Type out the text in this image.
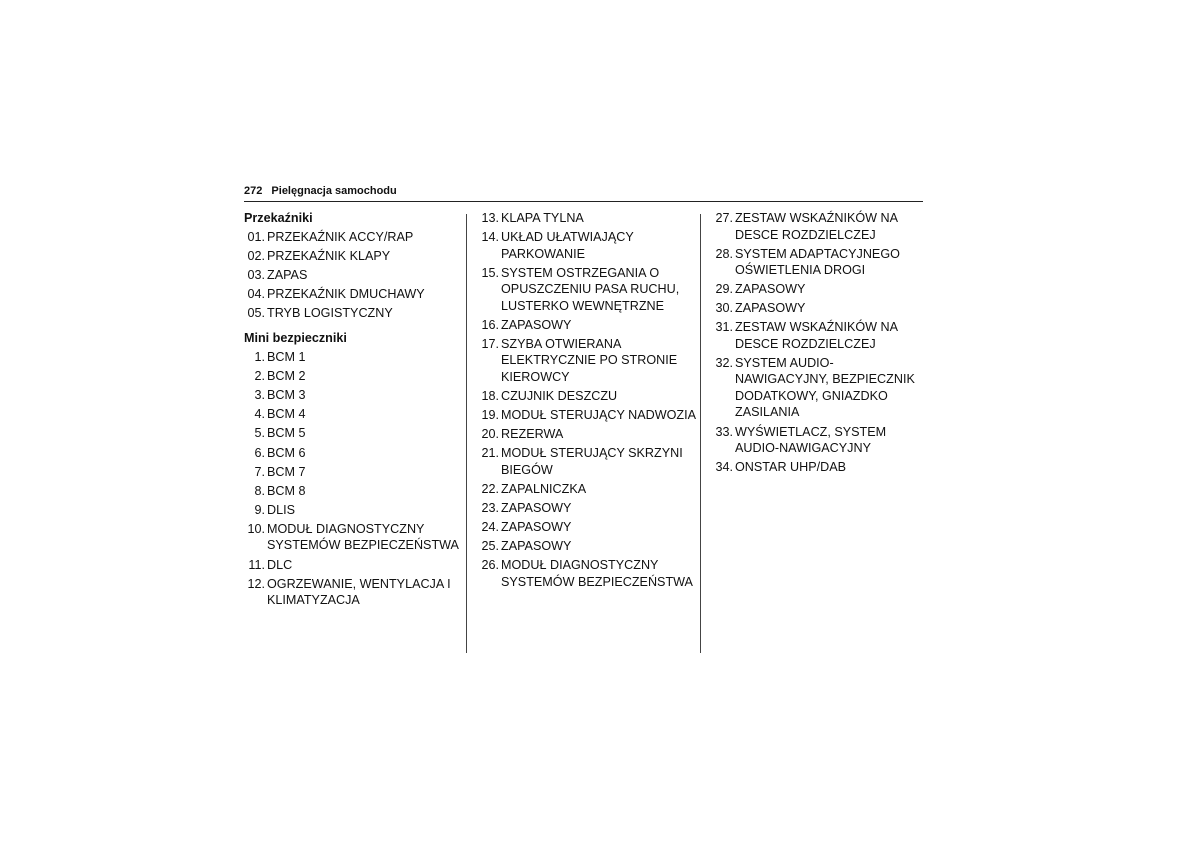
272 Pielęgnacja samochodu
Przekaźniki
01. PRZEKAŹNIK ACCY/RAP
02. PRZEKAŹNIK KLAPY
03. ZAPAS
04. PRZEKAŹNIK DMUCHAWY
05. TRYB LOGISTYCZNY
Mini bezpieczniki
1. BCM 1
2. BCM 2
3. BCM 3
4. BCM 4
5. BCM 5
6. BCM 6
7. BCM 7
8. BCM 8
9. DLIS
10. MODUŁ DIAGNOSTYCZNY SYSTEMÓW BEZPIECZEŃSTWA
11. DLC
12. OGRZEWANIE, WENTYLACJA I KLIMATYZACJA
13. KLAPA TYLNA
14. UKŁAD UŁATWIAJĄCY PARKOWANIE
15. SYSTEM OSTRZEGANIA O OPUSZCZENIU PASA RUCHU, LUSTERKO WEWNĘTRZNE
16. ZAPASOWY
17. SZYBA OTWIERANA ELEKTRYCZNIE PO STRONIE KIEROWCY
18. CZUJNIK DESZCZU
19. MODUŁ STERUJĄCY NADWOZIA
20. REZERWA
21. MODUŁ STERUJĄCY SKRZYNI BIEGÓW
22. ZAPALNICZKA
23. ZAPASOWY
24. ZAPASOWY
25. ZAPASOWY
26. MODUŁ DIAGNOSTYCZNY SYSTEMÓW BEZPIECZEŃSTWA
27. ZESTAW WSKAŹNIKÓW NA DESCE ROZDZIELCZEJ
28. SYSTEM ADAPTACYJNEGO OŚWIETLENIA DROGI
29. ZAPASOWY
30. ZAPASOWY
31. ZESTAW WSKAŹNIKÓW NA DESCE ROZDZIELCZEJ
32. SYSTEM AUDIO-NAWIGACYJNY, BEZPIECZNIK DODATKOWY, GNIAZDKO ZASILANIA
33. WYŚWIETLACZ, SYSTEM AUDIO-NAWIGACYJNY
34. ONSTAR UHP/DAB
